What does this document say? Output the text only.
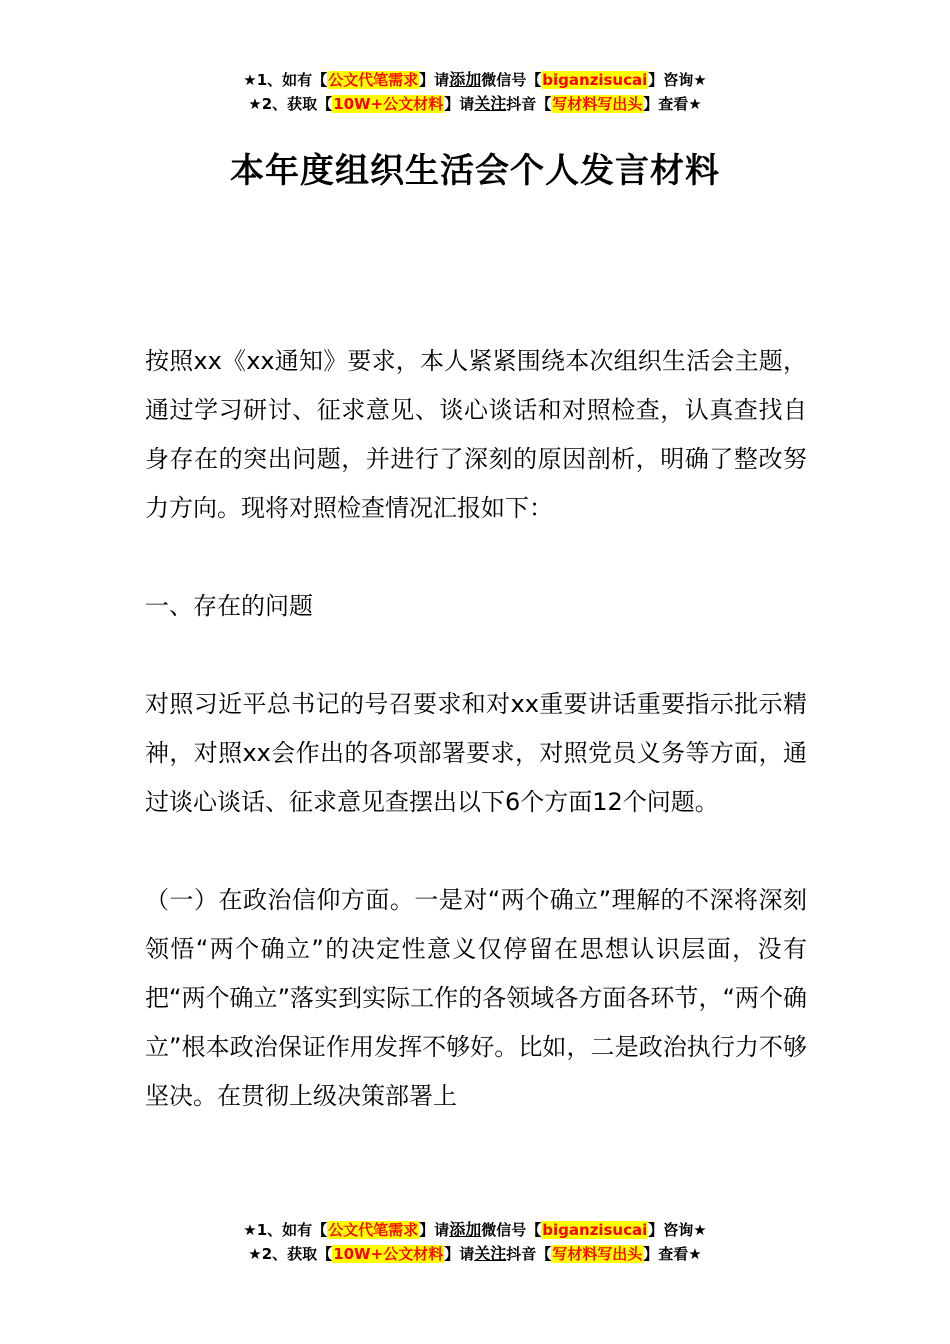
★1、如有【公文代笔需求】请添加微信号【biganzisucai】咨询★
★2、获取【10W+公文材料】请关注抖音【写材料写出头】查看★
本年度组织生活会个人发言材料

按照xx《xx通知》要求，本人紧紧围绕本次组织生活会主题，通过学习研讨、征求意见、谈心谈话和对照检查，认真查找自身存在的突出问题，并进行了深刻的原因剖析，明确了整改努力方向。现将对照检查情况汇报如下：

一、存在的问题

对照习近平总书记的号召要求和对xx重要讲话重要指示批示精神，对照xx会作出的各项部署要求，对照党员义务等方面，通过谈心谈话、征求意见查摆出以下6个方面12个问题。

（一）在政治信仰方面。一是对“两个确立”理解的不深将深刻领悟“两个确立”的决定性意义仅停留在思想认识层面，没有把“两个确立”落实到实际工作的各领域各方面各环节，“两个确立”根本政治保证作用发挥不够好。比如，二是政治执行力不够坚决。在贯彻上级决策部署上

★1、如有【公文代笔需求】请添加微信号【biganzisucai】咨询★
★2、获取【10W+公文材料】请关注抖音【写材料写出头】查看★
